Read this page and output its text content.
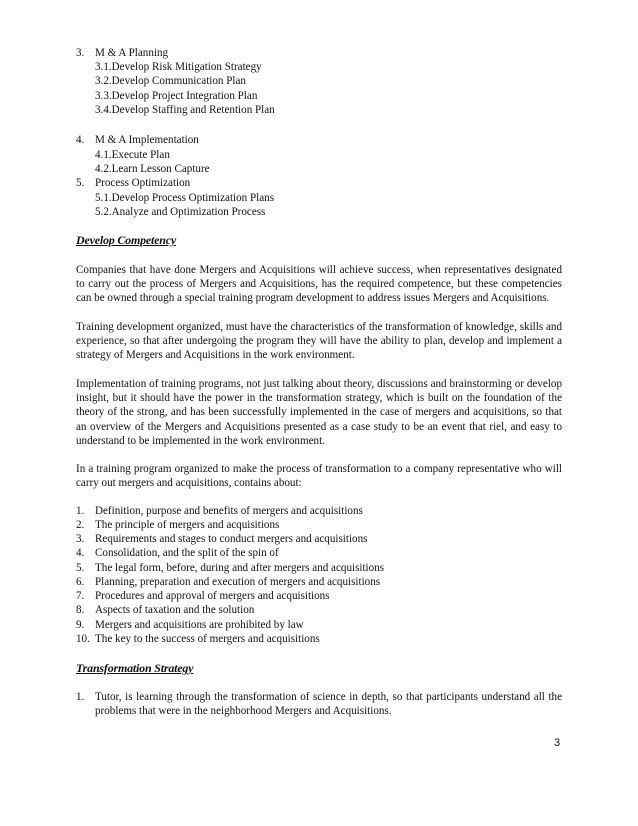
3. M & A Planning
3.1.Develop Risk Mitigation Strategy
3.2.Develop Communication Plan
3.3.Develop Project Integration Plan
3.4.Develop Staffing and Retention Plan
4. M & A Implementation
4.1.Execute Plan
4.2.Learn Lesson Capture
5. Process Optimization
5.1.Develop Process Optimization Plans
5.2.Analyze and Optimization Process
Develop Competency
Companies that have done Mergers and Acquisitions will achieve success, when representatives designated to carry out the process of Mergers and Acquisitions, has the required competence, but these competencies can be owned through a special training program development to address issues Mergers and Acquisitions.
Training development organized, must have the characteristics of the transformation of knowledge, skills and experience, so that after undergoing the program they will have the ability to plan, develop and implement a strategy of Mergers and Acquisitions in the work environment.
Implementation of training programs, not just talking about theory, discussions and brainstorming or develop insight, but it should have the power in the transformation strategy, which is built on the foundation of the theory of the strong, and has been successfully implemented in the case of mergers and acquisitions, so that an overview of the Mergers and Acquisitions presented as a case study to be an event that riel, and easy to understand to be implemented in the work environment.
In a training program organized to make the process of transformation to a company representative who will carry out mergers and acquisitions, contains about:
1. Definition, purpose and benefits of mergers and acquisitions
2. The principle of mergers and acquisitions
3. Requirements and stages to conduct mergers and acquisitions
4. Consolidation, and the split of the spin of
5. The legal form, before, during and after mergers and acquisitions
6. Planning, preparation and execution of mergers and acquisitions
7. Procedures and approval of mergers and acquisitions
8. Aspects of taxation and the solution
9. Mergers and acquisitions are prohibited by law
10. The key to the success of mergers and acquisitions
Transformation Strategy
1. Tutor, is learning through the transformation of science in depth, so that participants understand all the problems that were in the neighborhood Mergers and Acquisitions.
3
